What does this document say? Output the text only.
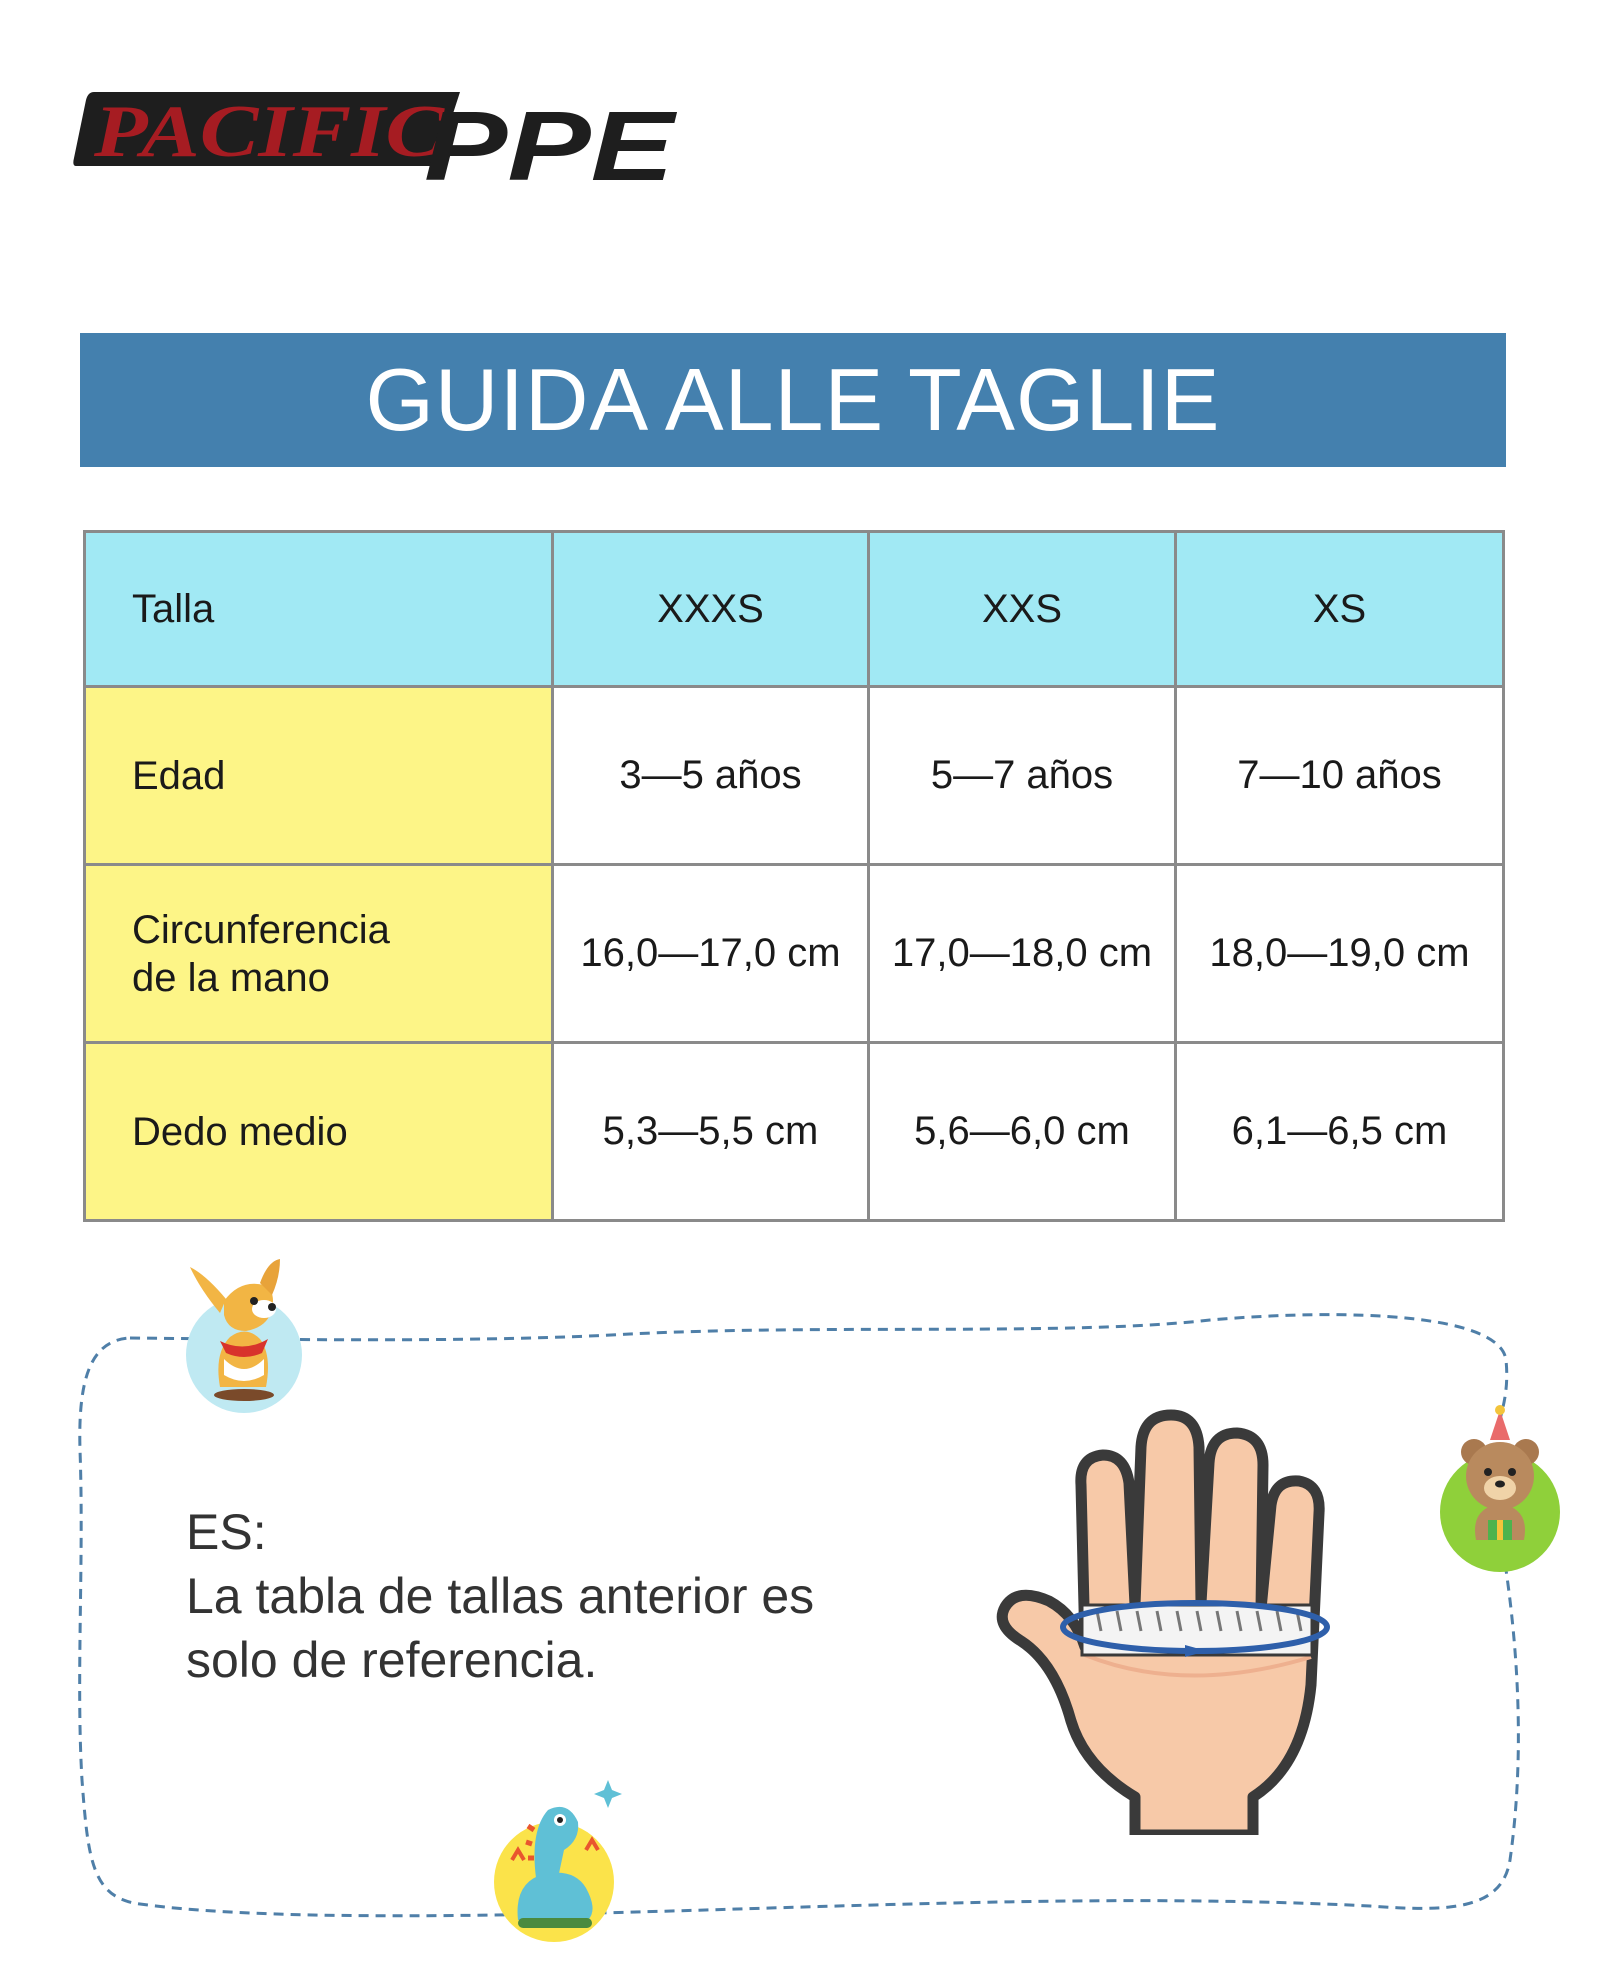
PACIFIC
PPE
GUIDA ALLE TAGLIE
Talla	XXXS	XXS	XS

Edad	3—5 años	5—7 años	7—10 años

Circunferencia
de la mano	16,0—17,0 cm	17,0—18,0 cm	18,0—19,0 cm

Dedo medio	5,3—5,5 cm	5,6—6,0 cm	6,1—6,5 cm
ES:
La tabla de tallas anterior es
solo de referencia.
